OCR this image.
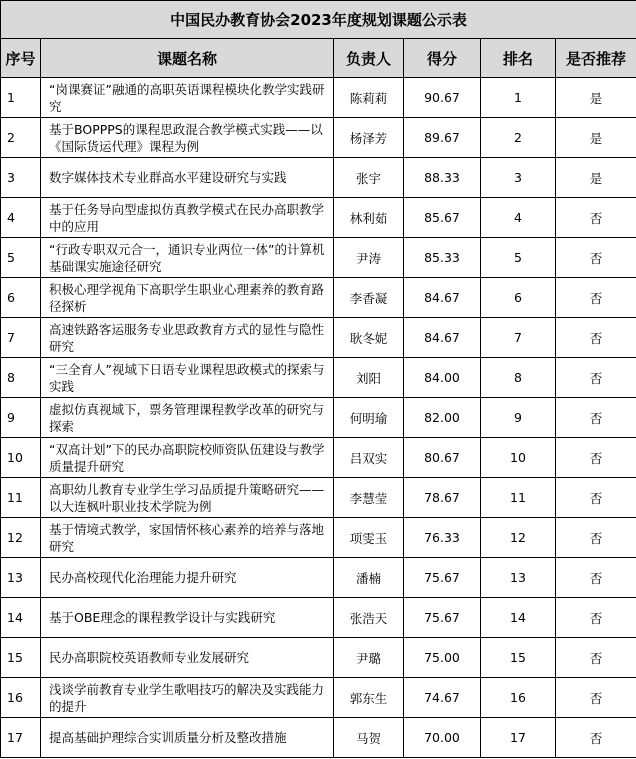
中国民办教育协会2023年度规划课题公示表					
序号	课题名称	负责人	得分	排名	是否推荐
1	“岗课赛证”融通的高职英语课程模块化教学实践研究	陈莉莉	90.67	1	是
2	基于BOPPPS的课程思政混合教学模式实践——以《国际货运代理》课程为例	杨泽芳	89.67	2	是
3	数字媒体技术专业群高水平建设研究与实践	张宇	88.33	3	是
4	基于任务导向型虚拟仿真教学模式在民办高职教学中的应用	林利茹	85.67	4	否
5	“行政专职双元合一，通识专业两位一体”的计算机基础课实施途径研究	尹涛	85.33	5	否
6	积极心理学视角下高职学生职业心理素养的教育路径探析	李香凝	84.67	6	否
7	高速铁路客运服务专业思政教育方式的显性与隐性研究	耿冬妮	84.67	7	否
8	“三全育人”视域下日语专业课程思政模式的探索与实践	刘阳	84.00	8	否
9	虚拟仿真视域下，票务管理课程教学改革的研究与探索	何明瑜	82.00	9	否
10	“双高计划”下的民办高职院校师资队伍建设与教学质量提升研究	吕双实	80.67	10	否
11	高职幼儿教育专业学生学习品质提升策略研究——以大连枫叶职业技术学院为例	李慧莹	78.67	11	否
12	基于情境式教学，家国情怀核心素养的培养与落地研究	项雯玉	76.33	12	否
13	民办高校现代化治理能力提升研究	潘楠	75.67	13	否
14	基于OBE理念的课程教学设计与实践研究	张浩天	75.67	14	否
15	民办高职院校英语教师专业发展研究	尹璐	75.00	15	否
16	浅谈学前教育专业学生歌唱技巧的解决及实践能力的提升	郭东生	74.67	16	否
17	提高基础护理综合实训质量分析及整改措施	马贺	70.00	17	否
